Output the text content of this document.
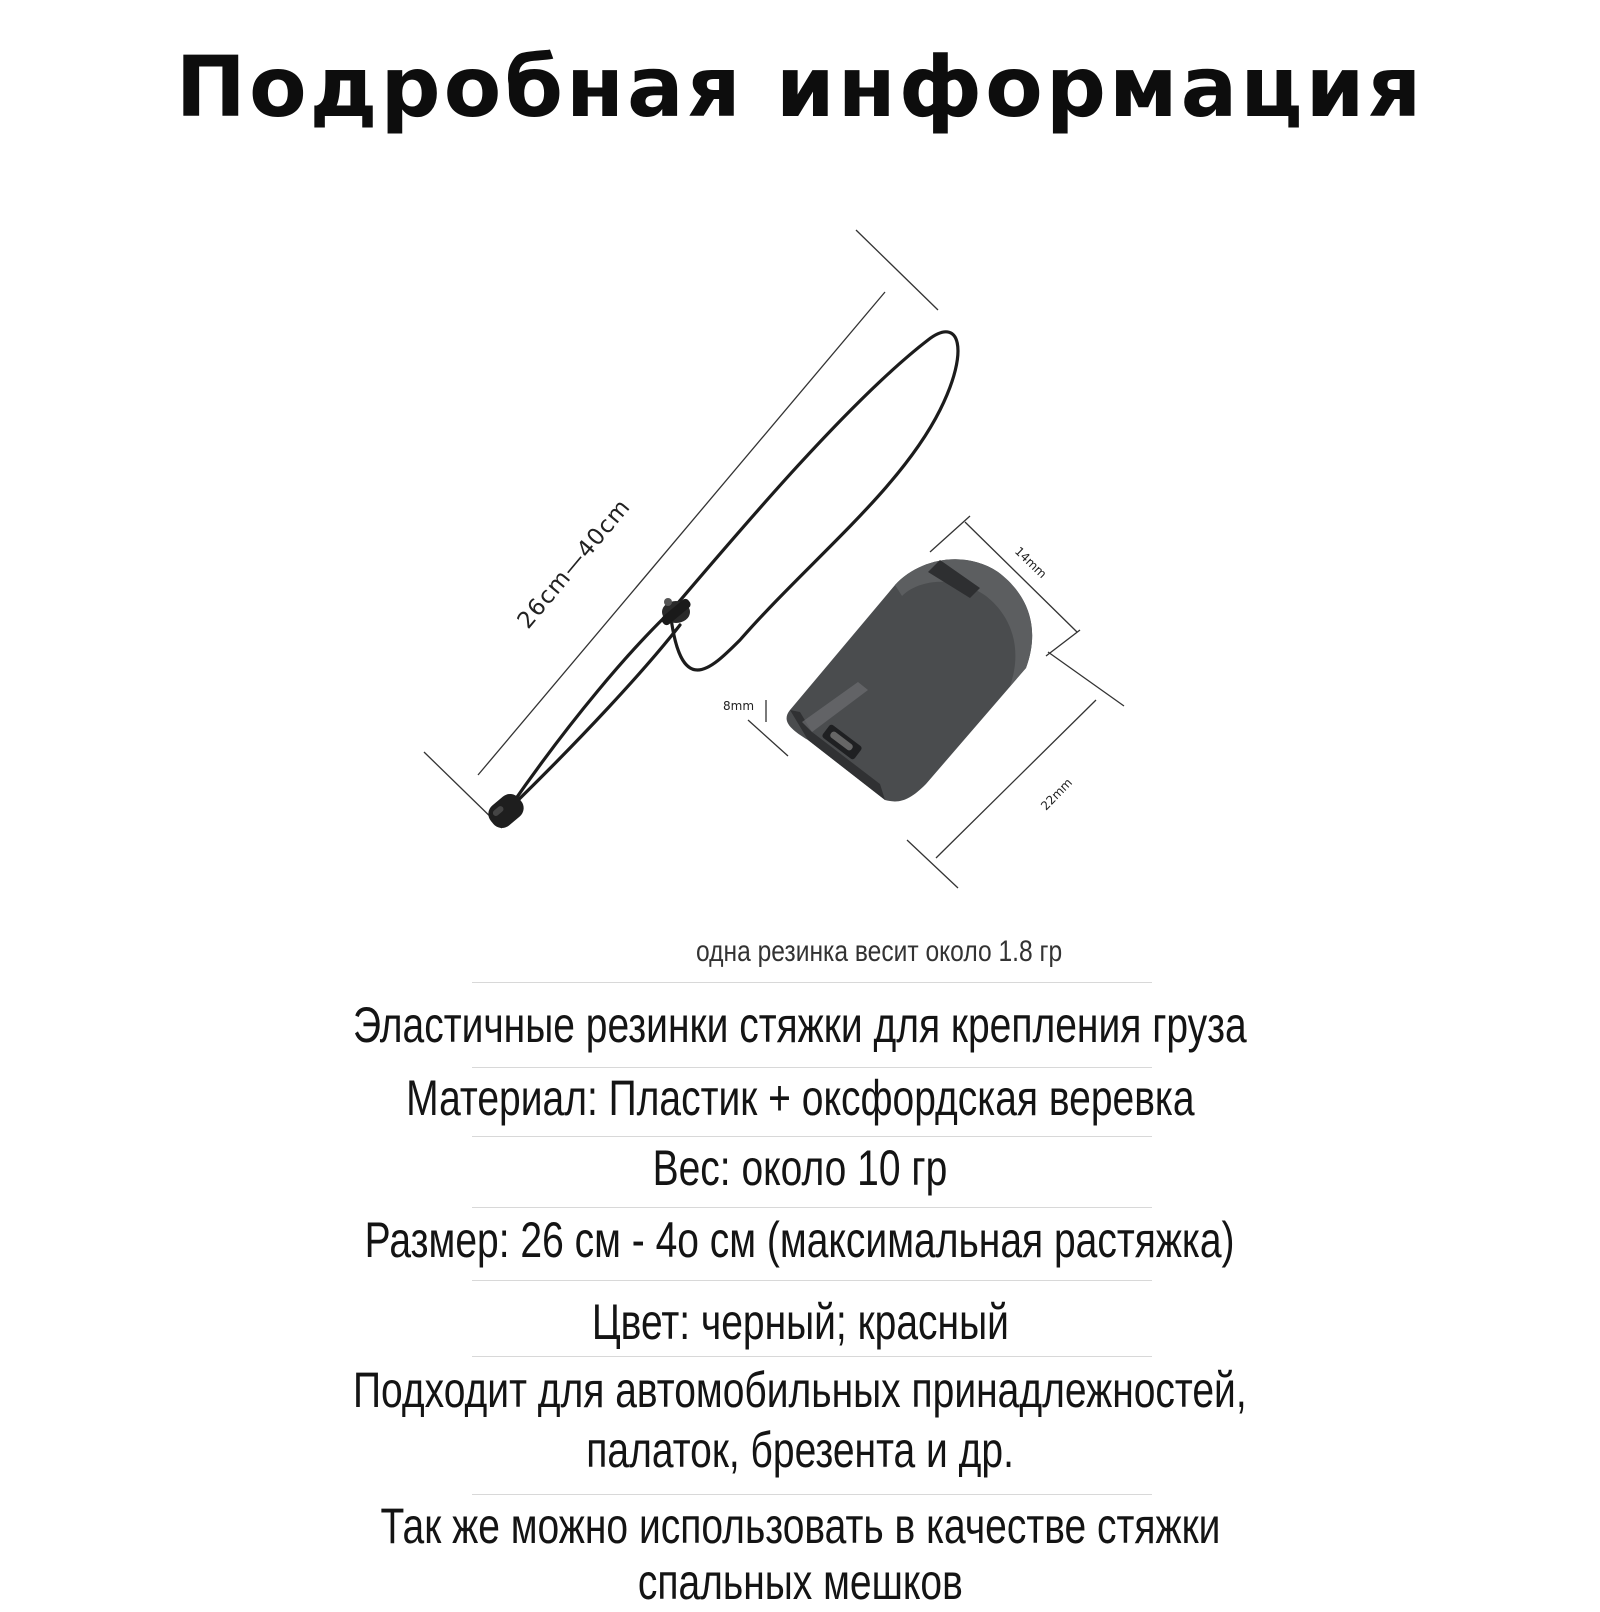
Подробная информация
26cm—40cm	14mm
8mm
22mm
одна резинка весит около 1.8 гр
Эластичные резинки стяжки для крепления груза
Материал: Пластик + оксфордская веревка
Вес: около 10 гр
Размер: 26 см - 4о см (максимальная растяжка)
Цвет: черный; красный
Подходит для автомобильных принадлежностей,
палаток, брезента и др.
Так же можно использовать в качестве стяжки
спальных мешков
